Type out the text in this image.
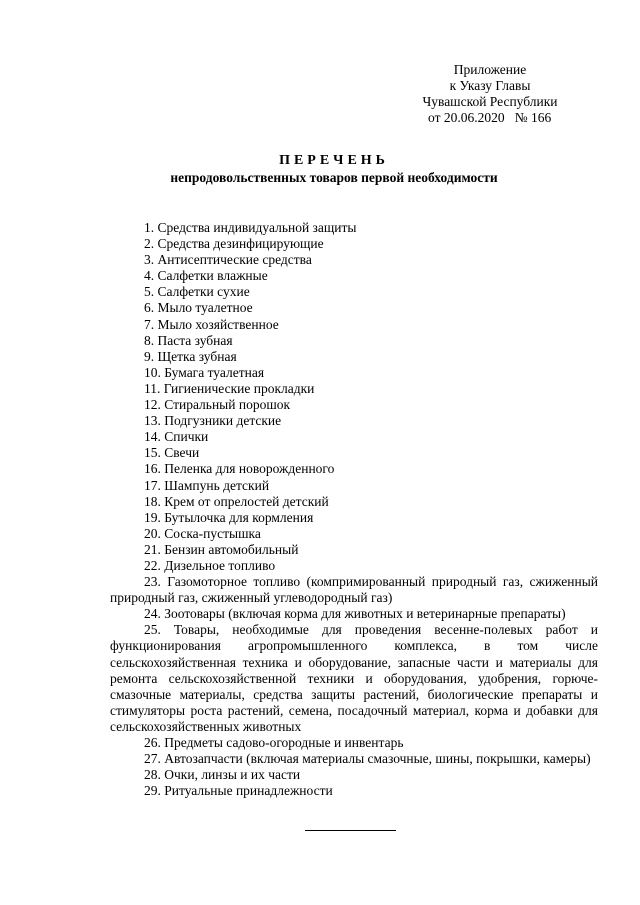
Приложение
к Указу Главы
Чувашской Республики
от 20.06.2020   № 166
ПЕРЕЧЕНЬ
непродовольственных товаров первой необходимости
1. Средства индивидуальной защиты
2. Средства дезинфицирующие
3. Антисептические средства
4. Салфетки влажные
5. Салфетки сухие
6. Мыло туалетное
7. Мыло хозяйственное
8. Паста зубная
9. Щетка зубная
10. Бумага туалетная
11. Гигиенические прокладки
12. Стиральный порошок
13. Подгузники детские
14. Спички
15. Свечи
16. Пеленка для новорожденного
17. Шампунь детский
18. Крем от опрелостей детский
19. Бутылочка для кормления
20. Соска-пустышка
21. Бензин автомобильный
22. Дизельное топливо
23. Газомоторное топливо (компримированный природный газ, сжиженный природный газ, сжиженный углеводородный газ)
24. Зоотовары (включая корма для животных и ветеринарные препараты)
25. Товары, необходимые для проведения весенне-полевых работ и функционирования агропромышленного комплекса, в том числе сельскохозяйственная техника и оборудование, запасные части и материалы для ремонта сельскохозяйственной техники и оборудования, удобрения, горюче-смазочные материалы, средства защиты растений, биологические препараты и стимуляторы роста растений, семена, посадочный материал, корма и добавки для сельскохозяйственных животных
26. Предметы садово-огородные и инвентарь
27. Автозапчасти (включая материалы смазочные, шины, покрышки, камеры)
28. Очки, линзы и их части
29. Ритуальные принадлежности
